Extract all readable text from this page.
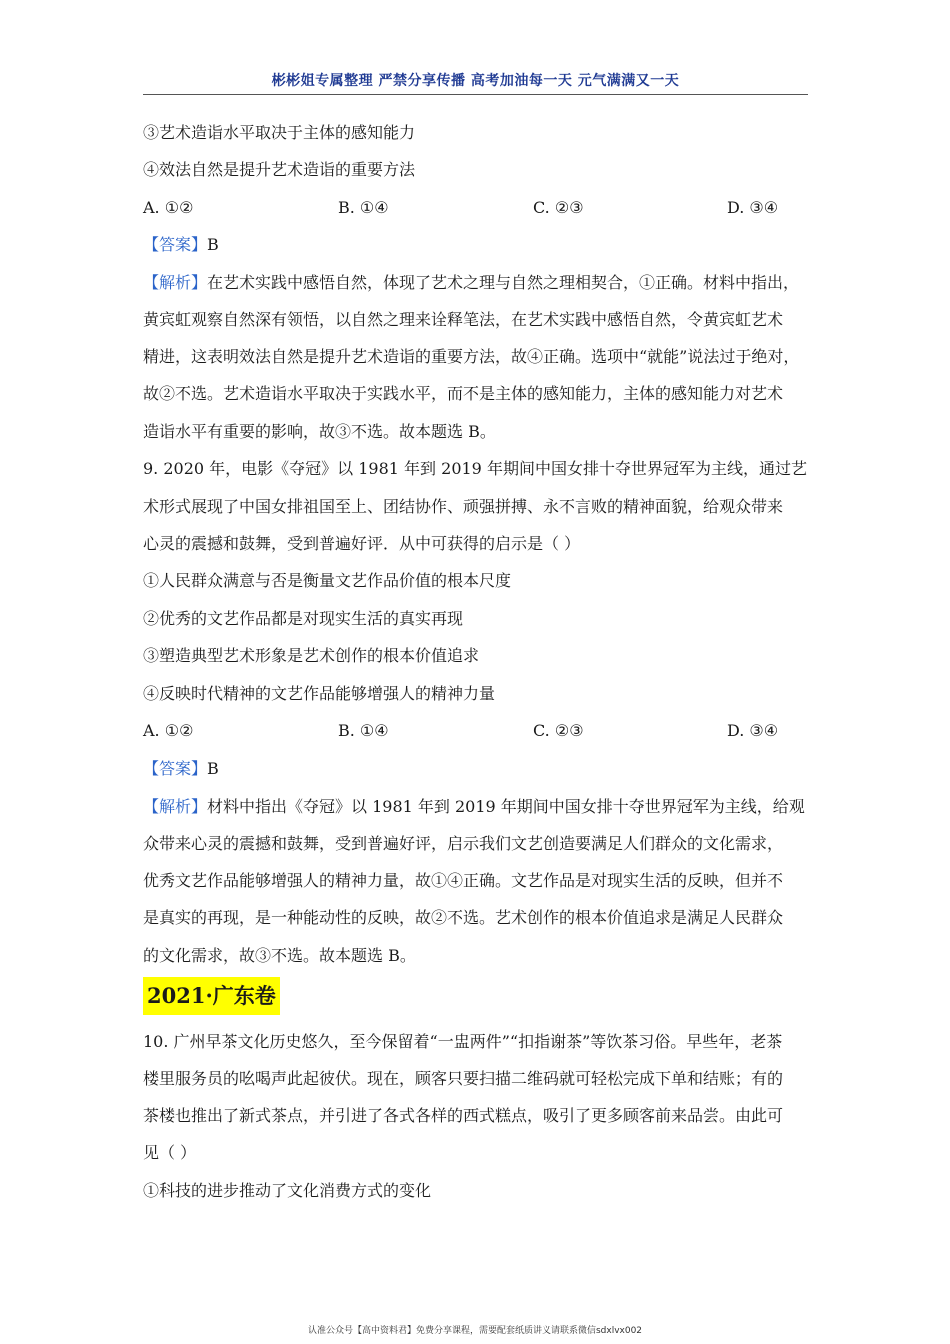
彬彬姐专属整理 严禁分享传播 高考加油每一天 元气满满又一天
③艺术造诣水平取决于主体的感知能力
④效法自然是提升艺术造诣的重要方法
A. ①②	B. ①④	C. ②③	D. ③④
【答案】B
【解析】在艺术实践中感悟自然，体现了艺术之理与自然之理相契合，①正确。材料中指出，
黄宾虹观察自然深有领悟，以自然之理来诠释笔法，在艺术实践中感悟自然，令黄宾虹艺术
精进，这表明效法自然是提升艺术造诣的重要方法，故④正确。选项中“就能”说法过于绝对，
故②不选。艺术造诣水平取决于实践水平，而不是主体的感知能力，主体的感知能力对艺术
造诣水平有重要的影响，故③不选。故本题选 B。
9. 2020 年，电影《夺冠》以 1981 年到 2019 年期间中国女排十夺世界冠军为主线，通过艺
术形式展现了中国女排祖国至上、团结协作、顽强拼搏、永不言败的精神面貌，给观众带来
心灵的震撼和鼓舞，受到普遍好评．从中可获得的启示是（ ）
①人民群众满意与否是衡量文艺作品价值的根本尺度
②优秀的文艺作品都是对现实生活的真实再现
③塑造典型艺术形象是艺术创作的根本价值追求
④反映时代精神的文艺作品能够增强人的精神力量
A. ①②	B. ①④	C. ②③	D. ③④
【答案】B
【解析】材料中指出《夺冠》以 1981 年到 2019 年期间中国女排十夺世界冠军为主线，给观
众带来心灵的震撼和鼓舞，受到普遍好评，启示我们文艺创造要满足人们群众的文化需求，
优秀文艺作品能够增强人的精神力量，故①④正确。文艺作品是对现实生活的反映，但并不
是真实的再现，是一种能动性的反映，故②不选。艺术创作的根本价值追求是满足人民群众
的文化需求，故③不选。故本题选 B。
2021·广东卷
10. 广州早茶文化历史悠久，至今保留着“一盅两件”“扣指谢茶”等饮茶习俗。早些年，老茶
楼里服务员的吆喝声此起彼伏。现在，顾客只要扫描二维码就可轻松完成下单和结账；有的
茶楼也推出了新式茶点，并引进了各式各样的西式糕点，吸引了更多顾客前来品尝。由此可
见（ ）
①科技的进步推动了文化消费方式的变化
认准公众号【高中资料君】免费分享课程，需要配套纸质讲义请联系微信sdxlvx002
